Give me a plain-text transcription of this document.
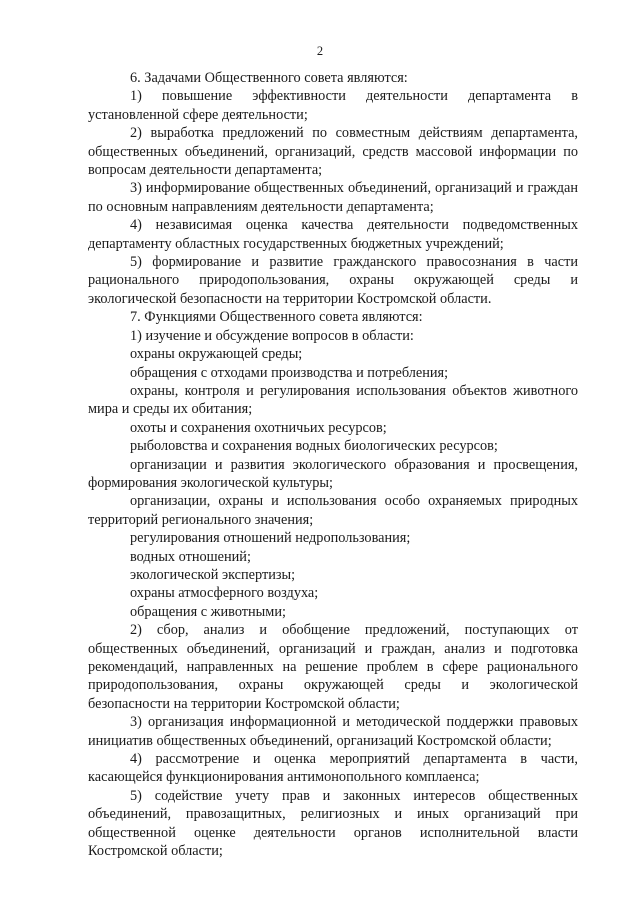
2

6. Задачами Общественного совета являются:

1) повышение эффективности деятельности департамента в установленной сфере деятельности;

2) выработка предложений по совместным действиям департамента, общественных объединений, организаций, средств массовой информации по вопросам деятельности департамента;

3) информирование общественных объединений, организаций и граждан по основным направлениям деятельности департамента;

4) независимая оценка качества деятельности подведомственных департаменту областных государственных бюджетных учреждений;

5) формирование и развитие гражданского правосознания в части рационального природопользования, охраны окружающей среды и экологической безопасности на территории Костромской области.

7. Функциями Общественного совета являются:

1) изучение и обсуждение вопросов в области:

охраны окружающей среды;

обращения с отходами производства и потребления;

охраны, контроля и регулирования использования объектов животного мира и среды их обитания;

охоты и сохранения охотничьих ресурсов;

рыболовства и сохранения водных биологических ресурсов;

организации и развития экологического образования и просвещения, формирования экологической культуры;

организации, охраны и использования особо охраняемых природных территорий регионального значения;

регулирования отношений недропользования;

водных отношений;

экологической экспертизы;

охраны атмосферного воздуха;

обращения с животными;

2) сбор, анализ и обобщение предложений, поступающих от общественных объединений, организаций и граждан, анализ и подготовка рекомендаций, направленных на решение проблем в сфере рационального природопользования, охраны окружающей среды и экологической безопасности на территории Костромской области;

3) организация информационной и методической поддержки правовых инициатив общественных объединений, организаций Костромской области;

4) рассмотрение и оценка мероприятий департамента в части, касающейся функционирования антимонопольного комплаенса;

5) содействие учету прав и законных интересов общественных объединений, правозащитных, религиозных и иных организаций при общественной оценке деятельности органов исполнительной власти Костромской области;
